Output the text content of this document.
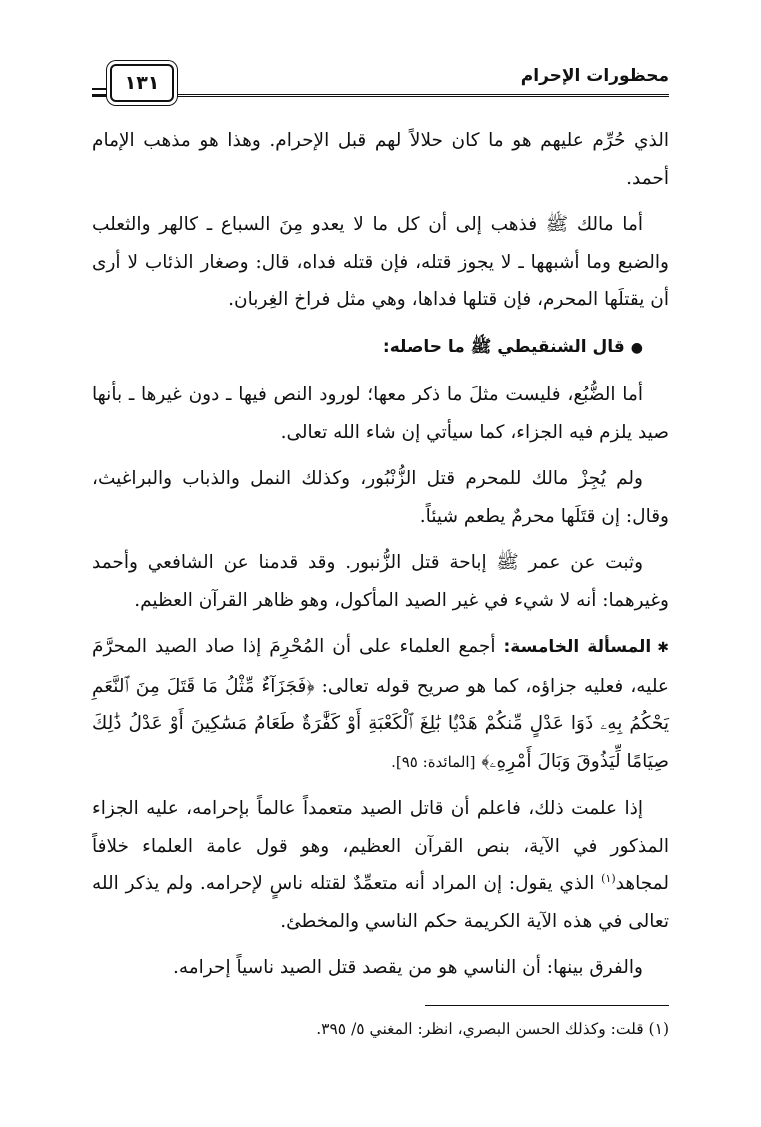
١٣١	محظورات الإحرام

الذي حُرِّم عليهم هو ما كان حلالاً لهم قبل الإحرام. وهذا هو مذهب الإمام أحمد.

أما مالك ﷺ فذهب إلى أن كل ما لا يعدو مِنَ السباع ـ كالهر والثعلب والضبع وما أشبهها ـ لا يجوز قتله، فإن قتله فداه، قال: وصغار الذئاب لا أرى أن يقتلَها المحرم، فإن قتلها فداها، وهي مثل فراخ الغِربان.

●قال الشنقيطي ﷺ ما حاصله:

أما الضُّبُع، فليست مثلَ ما ذكر معها؛ لورود النص فيها ـ دون غيرها ـ بأنها صيد يلزم فيه الجزاء، كما سيأتي إن شاء الله تعالى.

ولم يُجِزْ مالك للمحرم قتل الزُّنْبُور، وكذلك النمل والذباب والبراغيث، وقال: إن قتَلَها محرمٌ يطعم شيئاً.

وثبت عن عمر ﷺ إباحة قتل الزُّنبور. وقد قدمنا عن الشافعي وأحمد وغيرهما: أنه لا شيء في غير الصيد المأكول، وهو ظاهر القرآن العظيم.

✱المسألة الخامسة: أجمع العلماء على أن المُحْرِمَ إذا صاد الصيد المحرَّمَ عليه، فعليه جزاؤه، كما هو صريح قوله تعالى: ﴿فَجَزَآءٌ مِّثْلُ مَا قَتَلَ مِنَ ٱلنَّعَمِ يَحْكُمُ بِهِۦ ذَوَا عَدْلٍ مِّنكُمْ هَدْيًۢا بَٰلِغَ ٱلْكَعْبَةِ أَوْ كَفَّٰرَةٌ طَعَامُ مَسَٰكِينَ أَوْ عَدْلُ ذَٰلِكَ صِيَامًا لِّيَذُوقَ وَبَالَ أَمْرِهِۦ﴾ [المائدة: ٩٥].

إذا علمت ذلك، فاعلم أن قاتل الصيد متعمداً عالماً بإحرامه، عليه الجزاء المذكور في الآية، بنص القرآن العظيم، وهو قول عامة العلماء خلافاً لمجاهد$^{(١)}$ الذي يقول: إن المراد أنه متعمِّدٌ لقتله ناسٍ لإحرامه. ولم يذكر الله تعالى في هذه الآية الكريمة حكم الناسي والمخطئ.

والفرق بينها: أن الناسي هو من يقصد قتل الصيد ناسياً إحرامه.

(١) قلت: وكذلك الحسن البصري، انظر: المغني ٥/ ٣٩٥.
